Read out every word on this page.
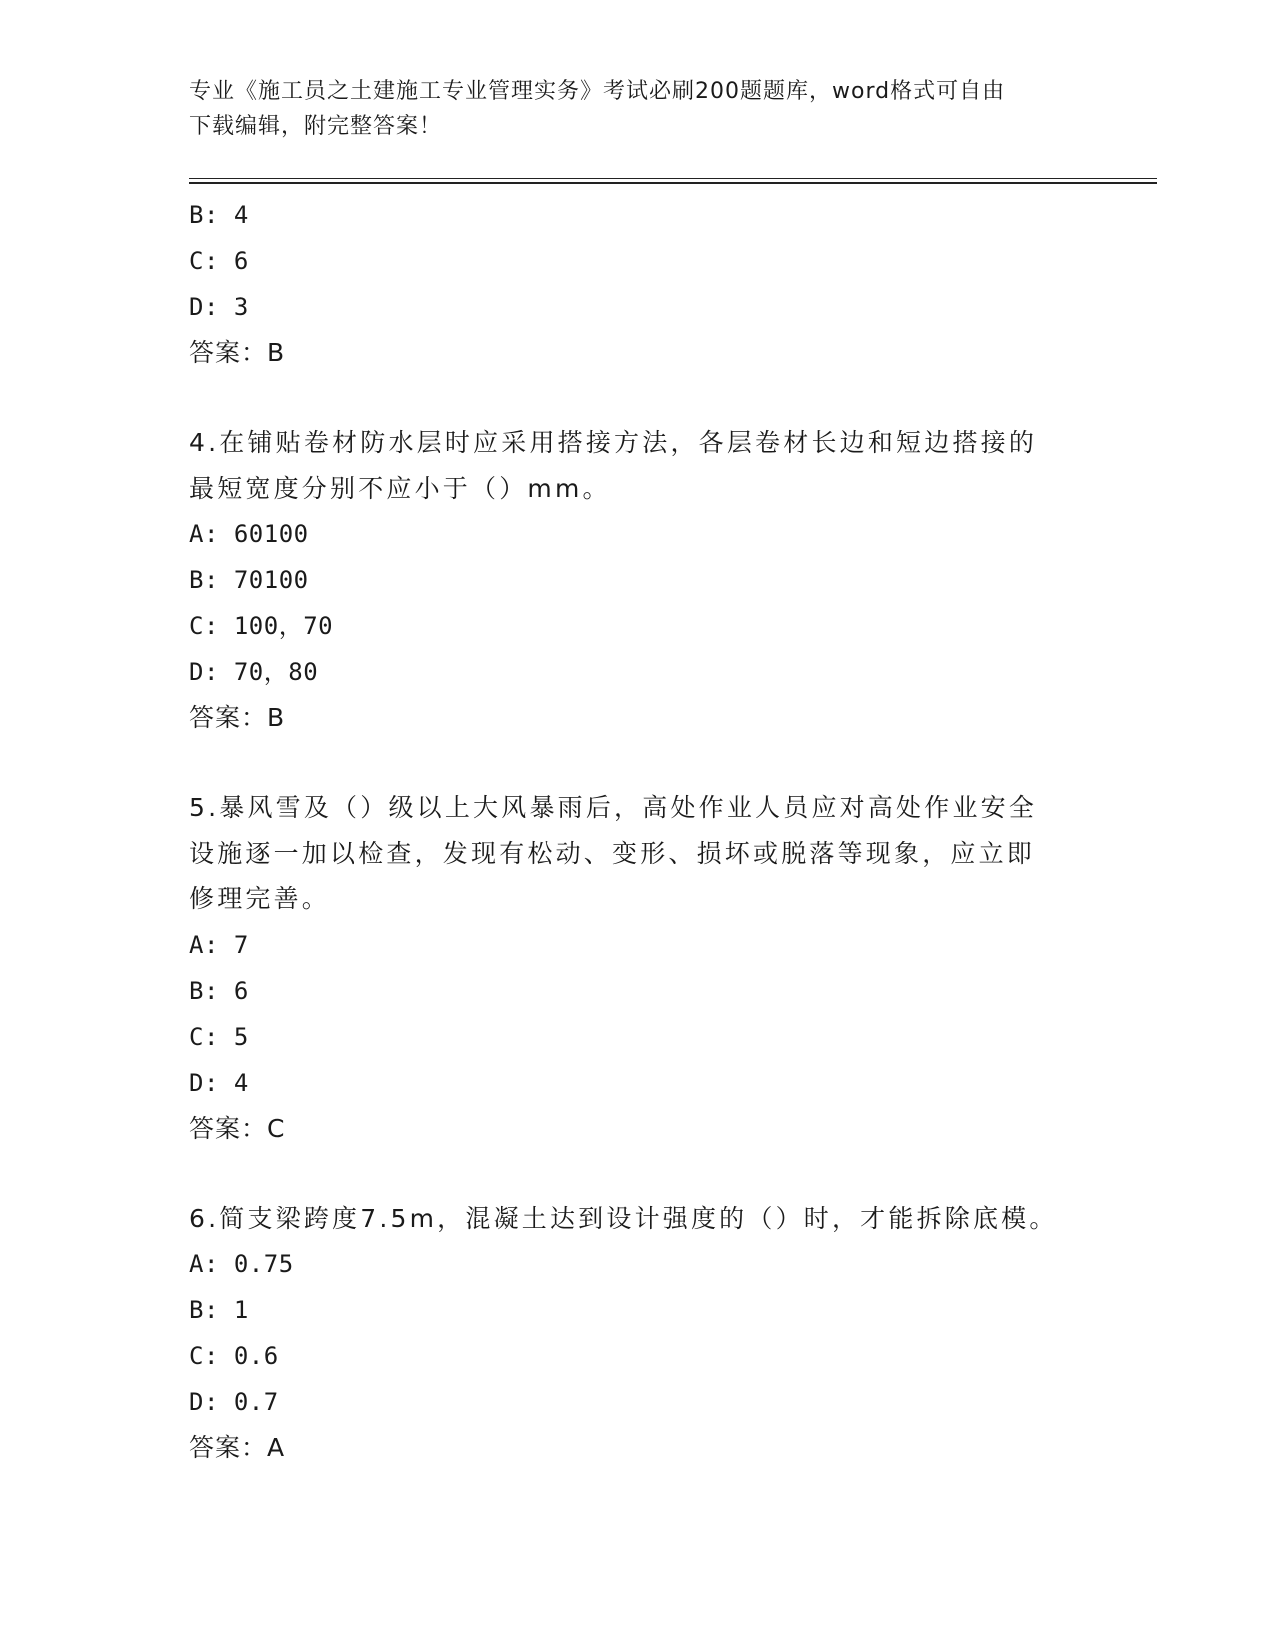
专业《施工员之土建施工专业管理实务》考试必刷200题题库，word格式可自由
下载编辑，附完整答案！
B: 4
C: 6
D: 3
答案：B
4.在铺贴卷材防水层时应采用搭接方法，各层卷材长边和短边搭接的
最短宽度分别不应小于（）mm。
A: 60100
B: 70100
C: 100，70
D: 70，80
答案：B
5.暴风雪及（）级以上大风暴雨后，高处作业人员应对高处作业安全
设施逐一加以检查，发现有松动、变形、损坏或脱落等现象，应立即
修理完善。
A: 7
B: 6
C: 5
D: 4
答案：C
6.简支梁跨度7.5m，混凝土达到设计强度的（）时，才能拆除底模。
A: 0.75
B: 1
C: 0.6
D: 0.7
答案：A
